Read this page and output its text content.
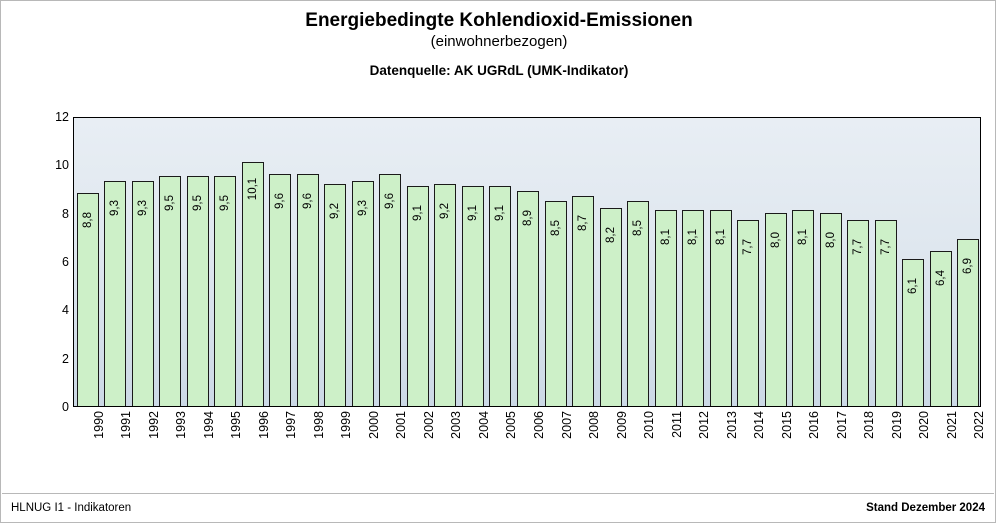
Energiebedingte Kohlendioxid-Emissionen
(einwohnerbezogen)
Datenquelle: AK UGRdL (UMK-Indikator)
0
2
4
6
8
10
12
8,8
9,3 9,3 9,5 9,5 9,5
10,1
9,6 9,6
9,2 9,3 9,6
9,1 9,2 9,1 9,1 8,9
8,5 8,7
8,2 8,5
8,1 8,1 8,1
7,7 8,0 8,1 8,0 7,7 7,7
6,1 6,4
6,9
1990 1991 1992 1993 1994 1995 1996 1997 1998 1999 2000 2001 2002 2003 2004 2005 2006 2007 2008 2009 2010 2011 2012 2013 2014 2015 2016 2017 2018 2019 2020 2021 2022
HLNUG I1 - Indikatoren	Stand Dezember 2024
